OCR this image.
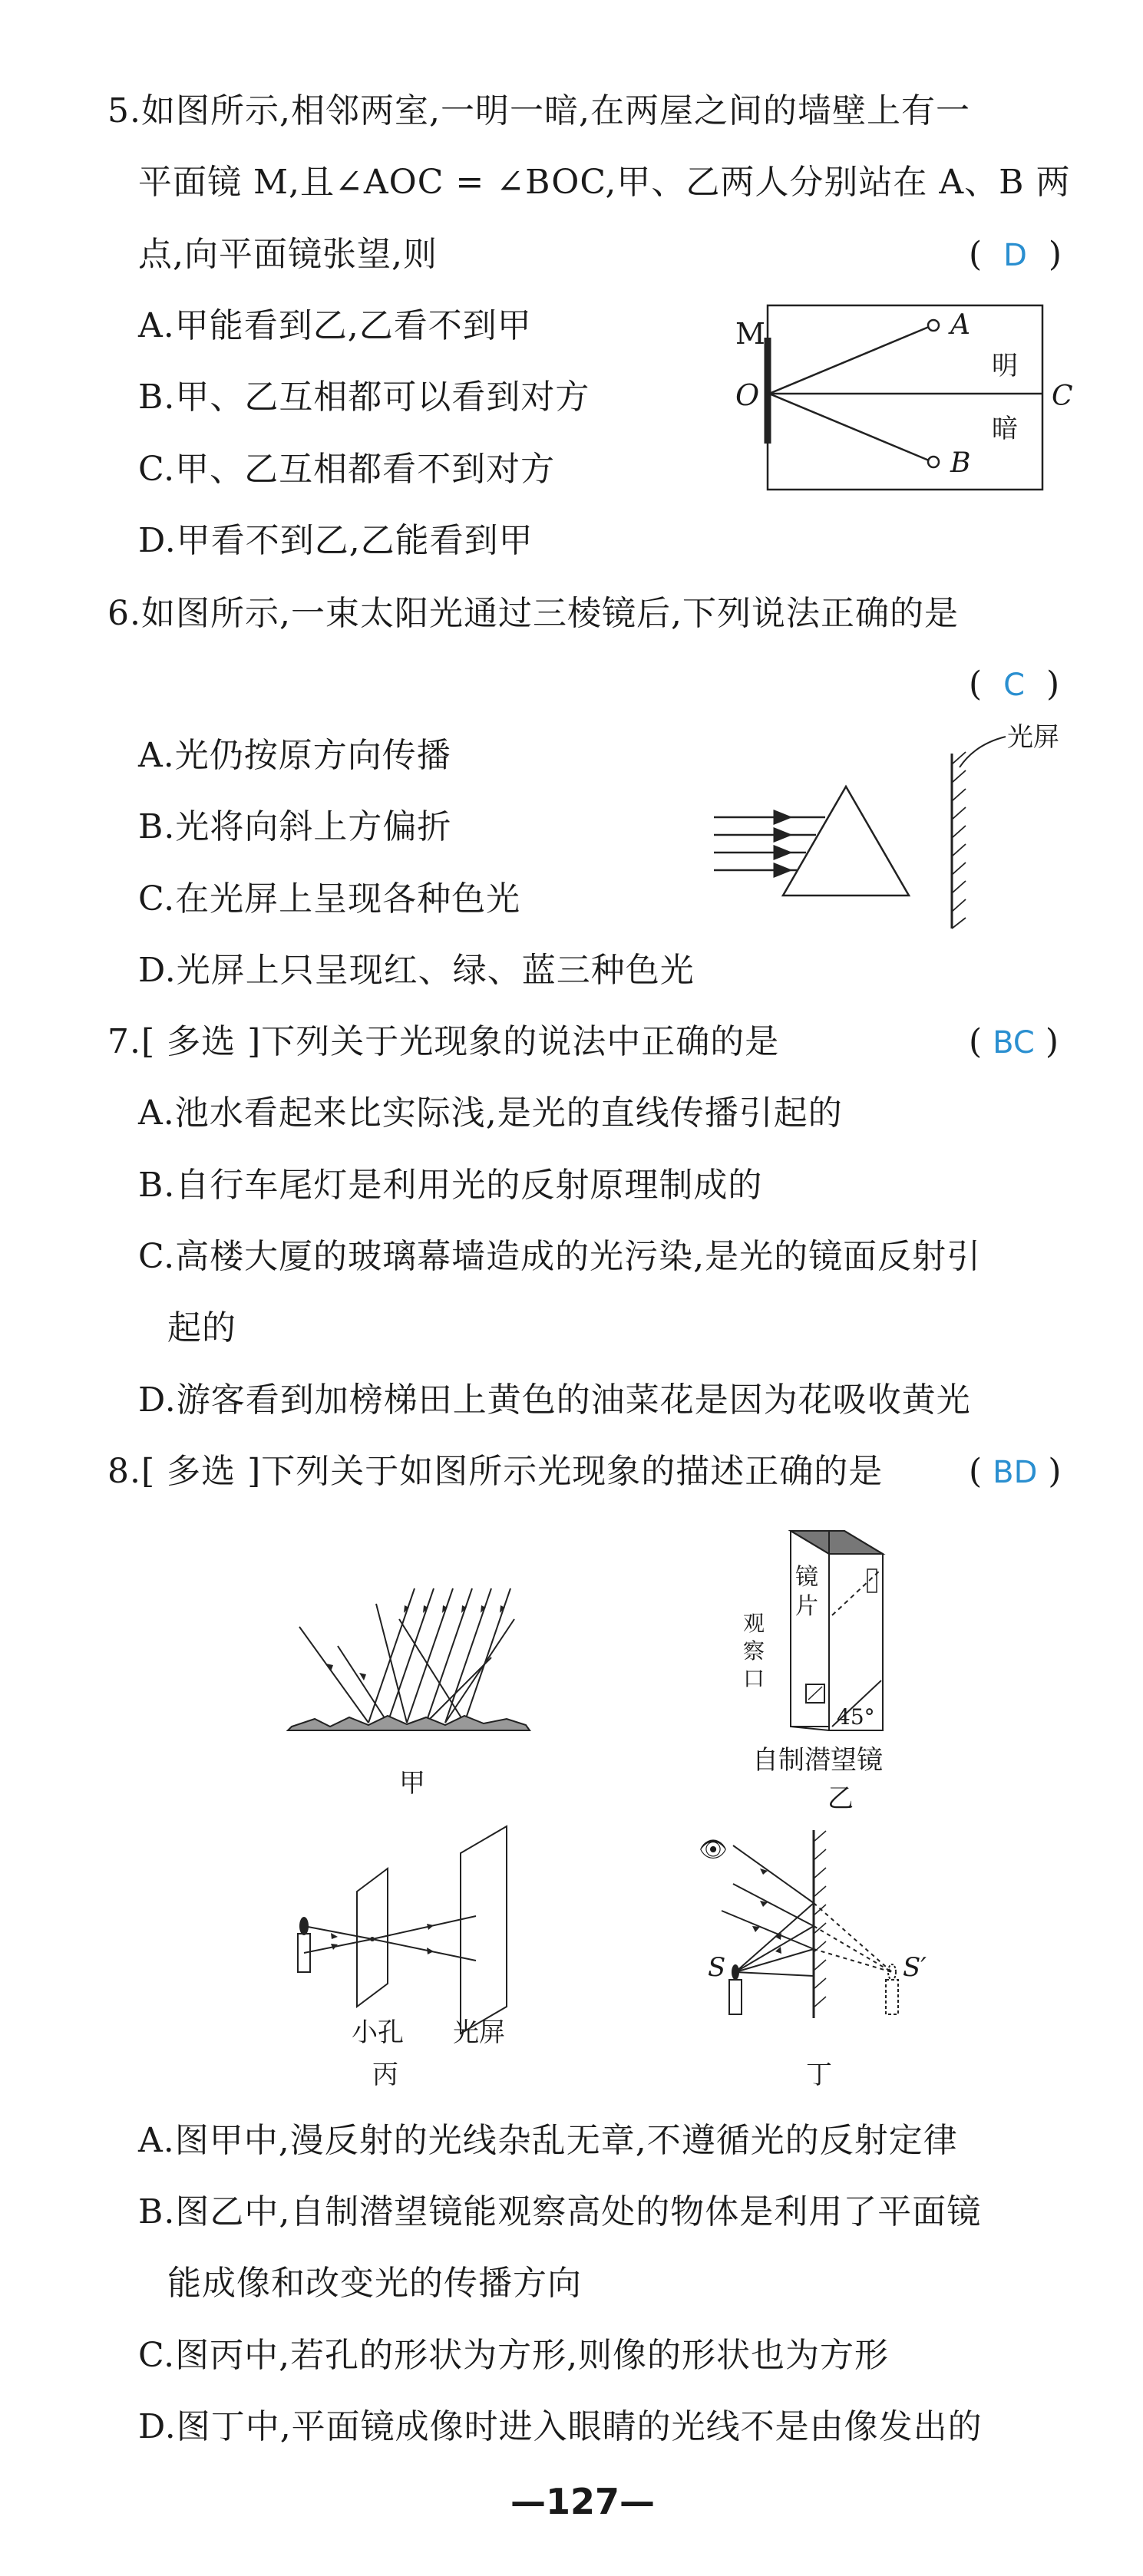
5.如图所示,相邻两室,一明一暗,在两屋之间的墙壁上有一
平面镜 M,且∠AOC = ∠BOC,甲、乙两人分别站在 A、B 两
点,向平面镜张望,则	(  D  )
A.甲能看到乙,乙看不到甲
B.甲、乙互相都可以看到对方
C.甲、乙互相都看不到对方
D.甲看不到乙,乙能看到甲
M
O
A
B
C
明
暗
6.如图所示,一束太阳光通过三棱镜后,下列说法正确的是
(  C  )
A.光仍按原方向传播
B.光将向斜上方偏折
C.在光屏上呈现各种色光
D.光屏上只呈现红、绿、蓝三种色光
光屏
7.[ 多选 ]下列关于光现象的说法中正确的是	( BC )
A.池水看起来比实际浅,是光的直线传播引起的
B.自行车尾灯是利用光的反射原理制成的
C.高楼大厦的玻璃幕墙造成的光污染,是光的镜面反射引
起的
D.游客看到加榜梯田上黄色的油菜花是因为花吸收黄光
8.[ 多选 ]下列关于如图所示光现象的描述正确的是	( BD )
甲
镜
片
观
察
口
45°
自制潜望镜
乙
小孔 光屏
丙
👁
S	S′
丁
A.图甲中,漫反射的光线杂乱无章,不遵循光的反射定律
B.图乙中,自制潜望镜能观察高处的物体是利用了平面镜
能成像和改变光的传播方向
C.图丙中,若孔的形状为方形,则像的形状也为方形
D.图丁中,平面镜成像时进入眼睛的光线不是由像发出的
—127—
